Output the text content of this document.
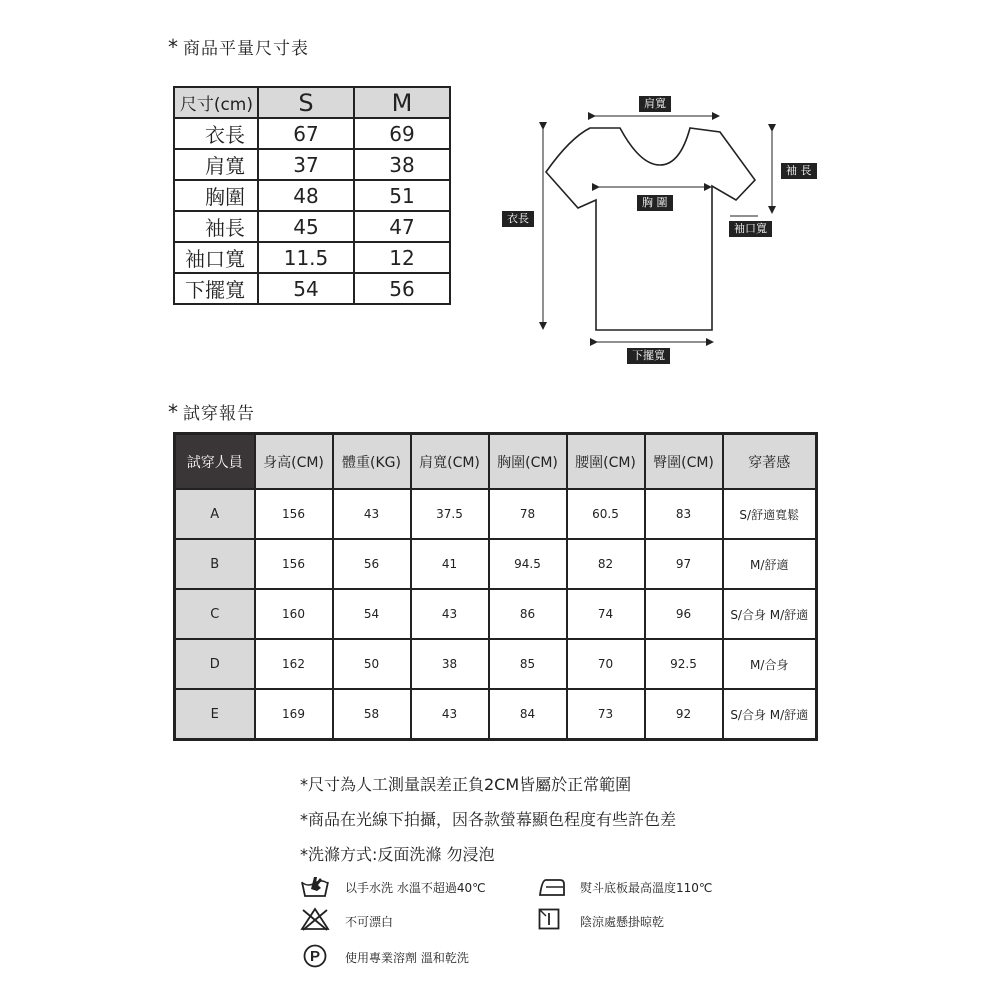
* 商品平量尺寸表
尺寸(cm)	S	M
衣長	67	69
肩寬	37	38
胸圍	48	51
袖長	45	47
袖口寬	11.5	12
下擺寬	54	56
肩寬
胸 圍
衣長
袖 長
袖口寬
下擺寬
* 試穿報告
試穿人員	身高(CM)	體重(KG)	肩寬(CM)	胸圍(CM)	腰圍(CM)	臀圍(CM)	穿著感
A	156	43	37.5	78	60.5	83	S/舒適寬鬆
B	156	56	41	94.5	82	97	M/舒適
C	160	54	43	86	74	96	S/合身 M/舒適
D	162	50	38	85	70	92.5	M/合身
E	169	58	43	84	73	92	S/合身 M/舒適
*尺寸為人工測量誤差正負2CM皆屬於正常範圍
*商品在光線下拍攝，因各款螢幕顯色程度有些許色差
*洗滌方式:反面洗滌 勿浸泡
以手水洗 水溫不超過40℃	熨斗底板最高溫度110℃
不可漂白	陰涼處懸掛晾乾
P 使用專業溶劑 溫和乾洗
